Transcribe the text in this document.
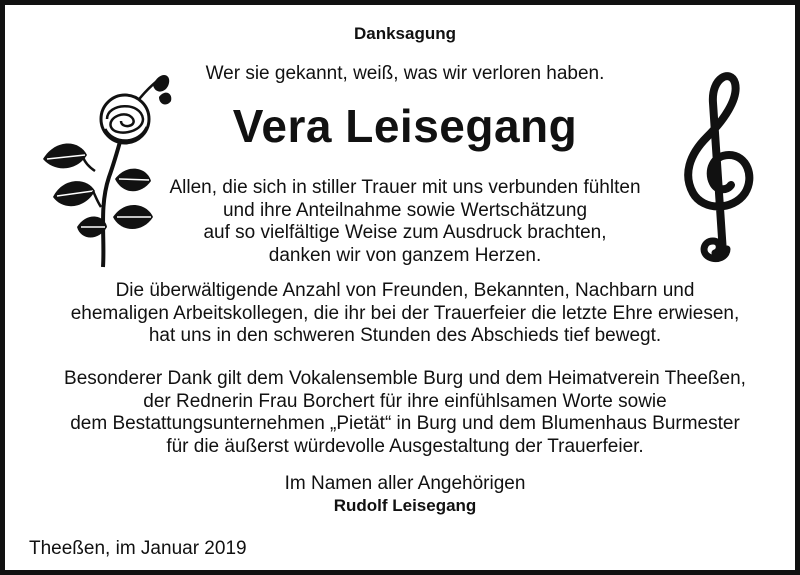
Danksagung
Wer sie gekannt, weiß, was wir verloren haben.
Vera Leisegang
Allen, die sich in stiller Trauer mit uns verbunden fühlten
und ihre Anteilnahme sowie Wertschätzung
auf so vielfältige Weise zum Ausdruck brachten,
danken wir von ganzem Herzen.
Die überwältigende Anzahl von Freunden, Bekannten, Nachbarn und
ehemaligen Arbeitskollegen, die ihr bei der Trauerfeier die letzte Ehre erwiesen,
hat uns in den schweren Stunden des Abschieds tief bewegt.
Besonderer Dank gilt dem Vokalensemble Burg und dem Heimatverein Theeßen,
der Rednerin Frau Borchert für ihre einfühlsamen Worte sowie
dem Bestattungsunternehmen „Pietät“ in Burg und dem Blumenhaus Burmester
für die äußerst würdevolle Ausgestaltung der Trauerfeier.
Im Namen aller Angehörigen
Rudolf Leisegang
Theeßen, im Januar 2019
